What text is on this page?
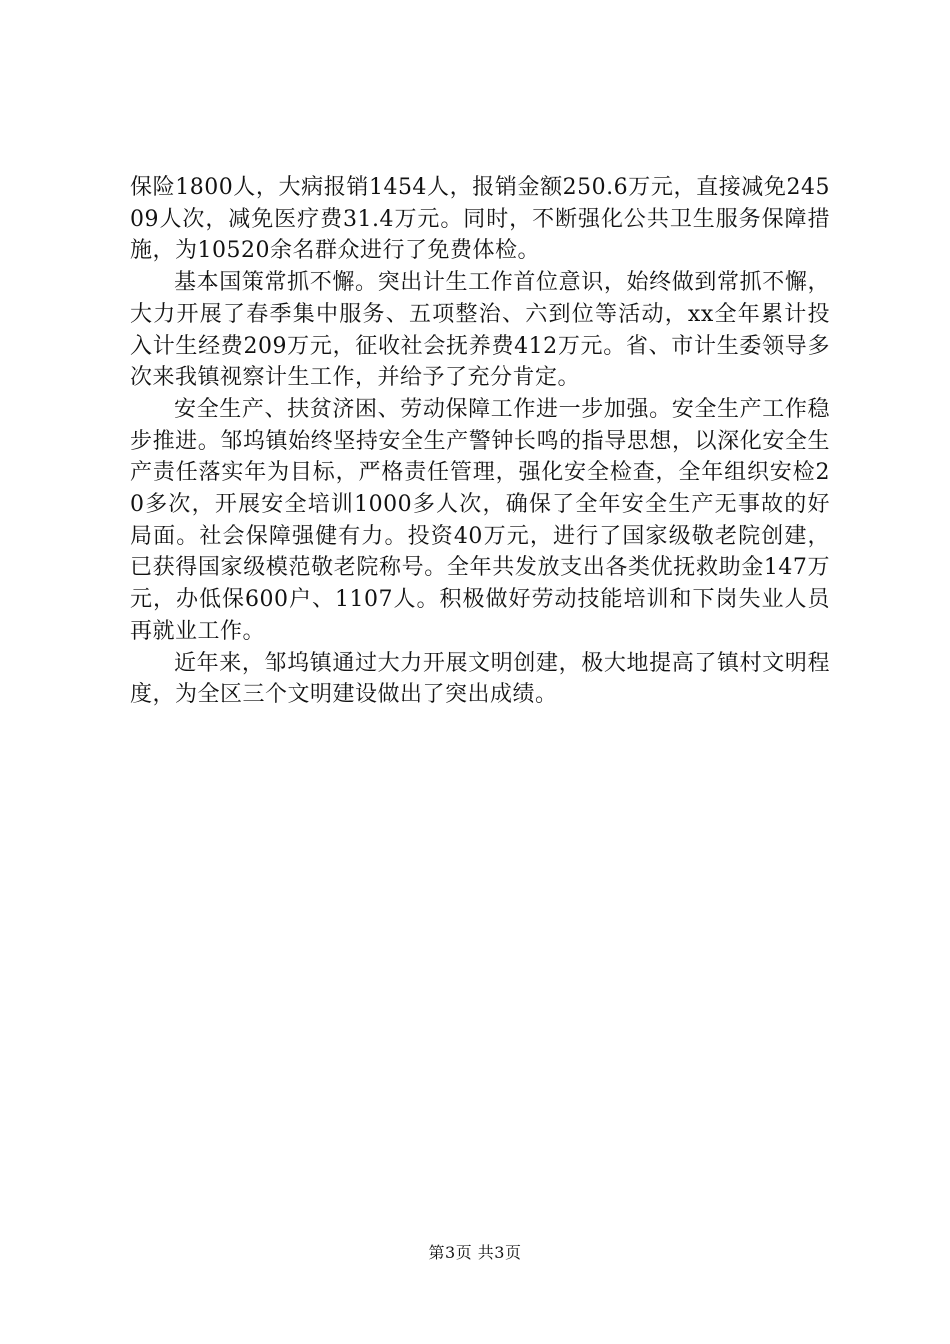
保险1800人，大病报销1454人，报销金额250.6万元，直接减免24509人次，减免医疗费31.4万元。同时，不断强化公共卫生服务保障措施，为10520余名群众进行了免费体检。

基本国策常抓不懈。突出计生工作首位意识，始终做到常抓不懈，大力开展了春季集中服务、五项整治、六到位等活动，xx全年累计投入计生经费209万元，征收社会抚养费412万元。省、市计生委领导多次来我镇视察计生工作，并给予了充分肯定。

安全生产、扶贫济困、劳动保障工作进一步加强。安全生产工作稳步推进。邹坞镇始终坚持安全生产警钟长鸣的指导思想，以深化安全生产责任落实年为目标，严格责任管理，强化安全检查，全年组织安检20多次，开展安全培训1000多人次，确保了全年安全生产无事故的好局面。社会保障强健有力。投资40万元，进行了国家级敬老院创建，已获得国家级模范敬老院称号。全年共发放支出各类优抚救助金147万元，办低保600户、1107人。积极做好劳动技能培训和下岗失业人员再就业工作。

近年来，邹坞镇通过大力开展文明创建，极大地提高了镇村文明程度，为全区三个文明建设做出了突出成绩。

第3页 共3页
